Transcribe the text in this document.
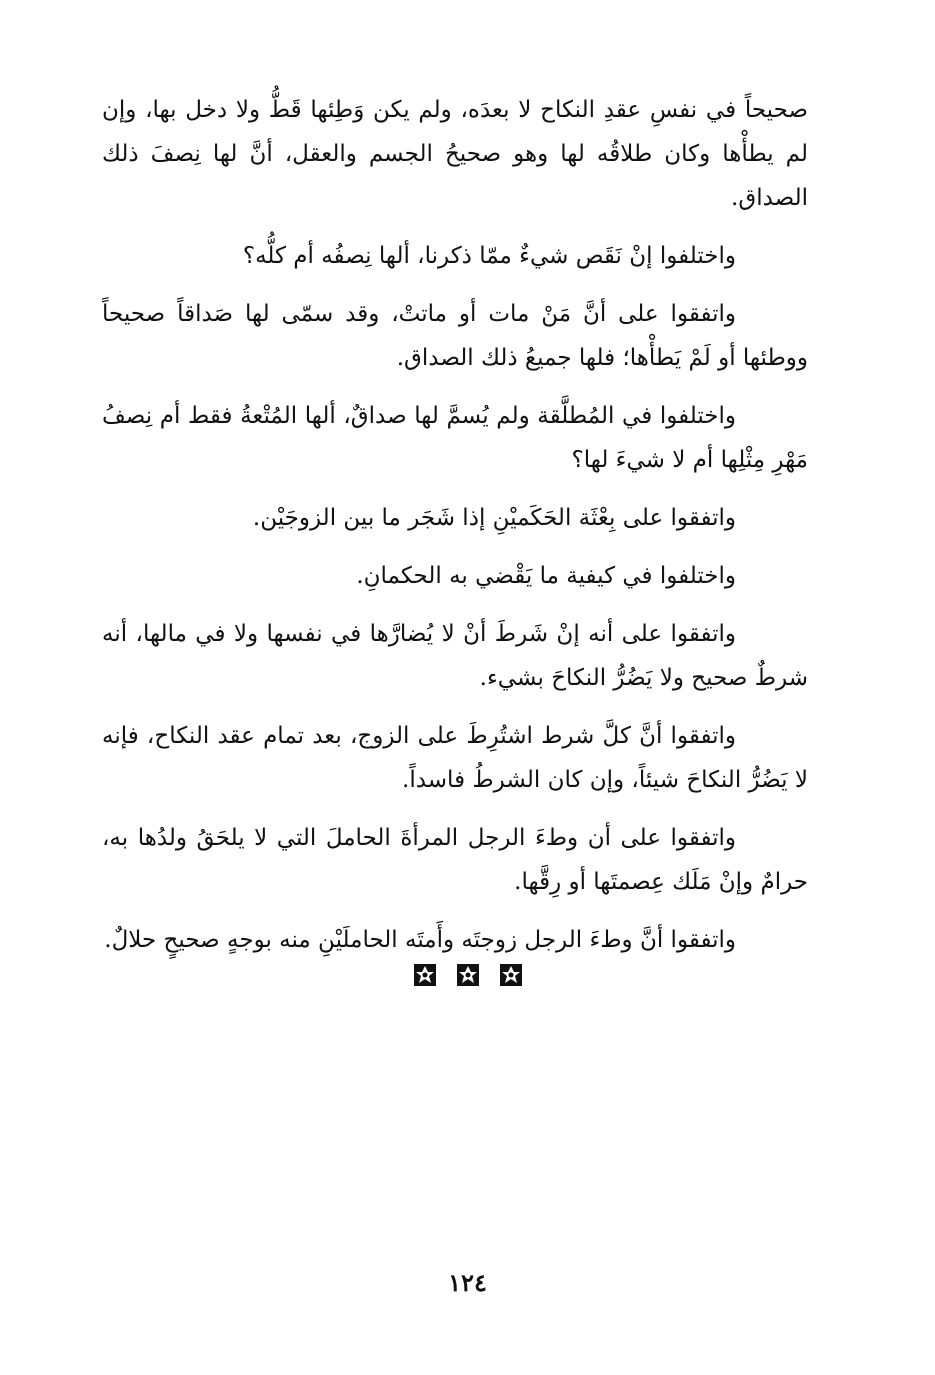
صحيحاً في نفسِ عقدِ النكاح لا بعدَه، ولم يكن وَطِئها قَطُّ ولا دخل بها، وإن لم يطأْها وكان طلاقُه لها وهو صحيحُ الجسم والعقل، أنَّ لها نِصفَ ذلك الصداق.

واختلفوا إنْ نَقَص شيءٌ ممّا ذكرنا، ألها نِصفُه أم كلُّه؟

واتفقوا على أنَّ مَنْ مات أو ماتتْ، وقد سمّى لها صَداقاً صحيحاً ووطئها أو لَمْ يَطأْها؛ فلها جميعُ ذلك الصداق.

واختلفوا في المُطلَّقة ولم يُسمَّ لها صداقٌ، ألها المُتْعةُ فقط أم نِصفُ مَهْرِ مِثْلِها أم لا شيءَ لها؟

واتفقوا على بِعْثَة الحَكَميْنِ إذا شَجَر ما بين الزوجَيْن.

واختلفوا في كيفية ما يَقْضي به الحكمانِ.

واتفقوا على أنه إنْ شَرطَ أنْ لا يُضارَّها في نفسها ولا في مالها، أنه شرطٌ صحيح ولا يَضُرُّ النكاحَ بشيء.

واتفقوا أنَّ كلَّ شرط اشتُرِطَ على الزوج، بعد تمام عقد النكاح، فإنه لا يَضُرُّ النكاحَ شيئاً، وإن كان الشرطُ فاسداً.

واتفقوا على أن وطءَ الرجل المرأةَ الحاملَ التي لا يلحَقُ ولدُها به، حرامٌ وإنْ مَلَك عِصمتَها أو رِقَّها.

واتفقوا أنَّ وطءَ الرجل زوجتَه وأَمتَه الحاملَيْنِ منه بوجهٍ صحيحٍ حلالٌ.

١٢٤
